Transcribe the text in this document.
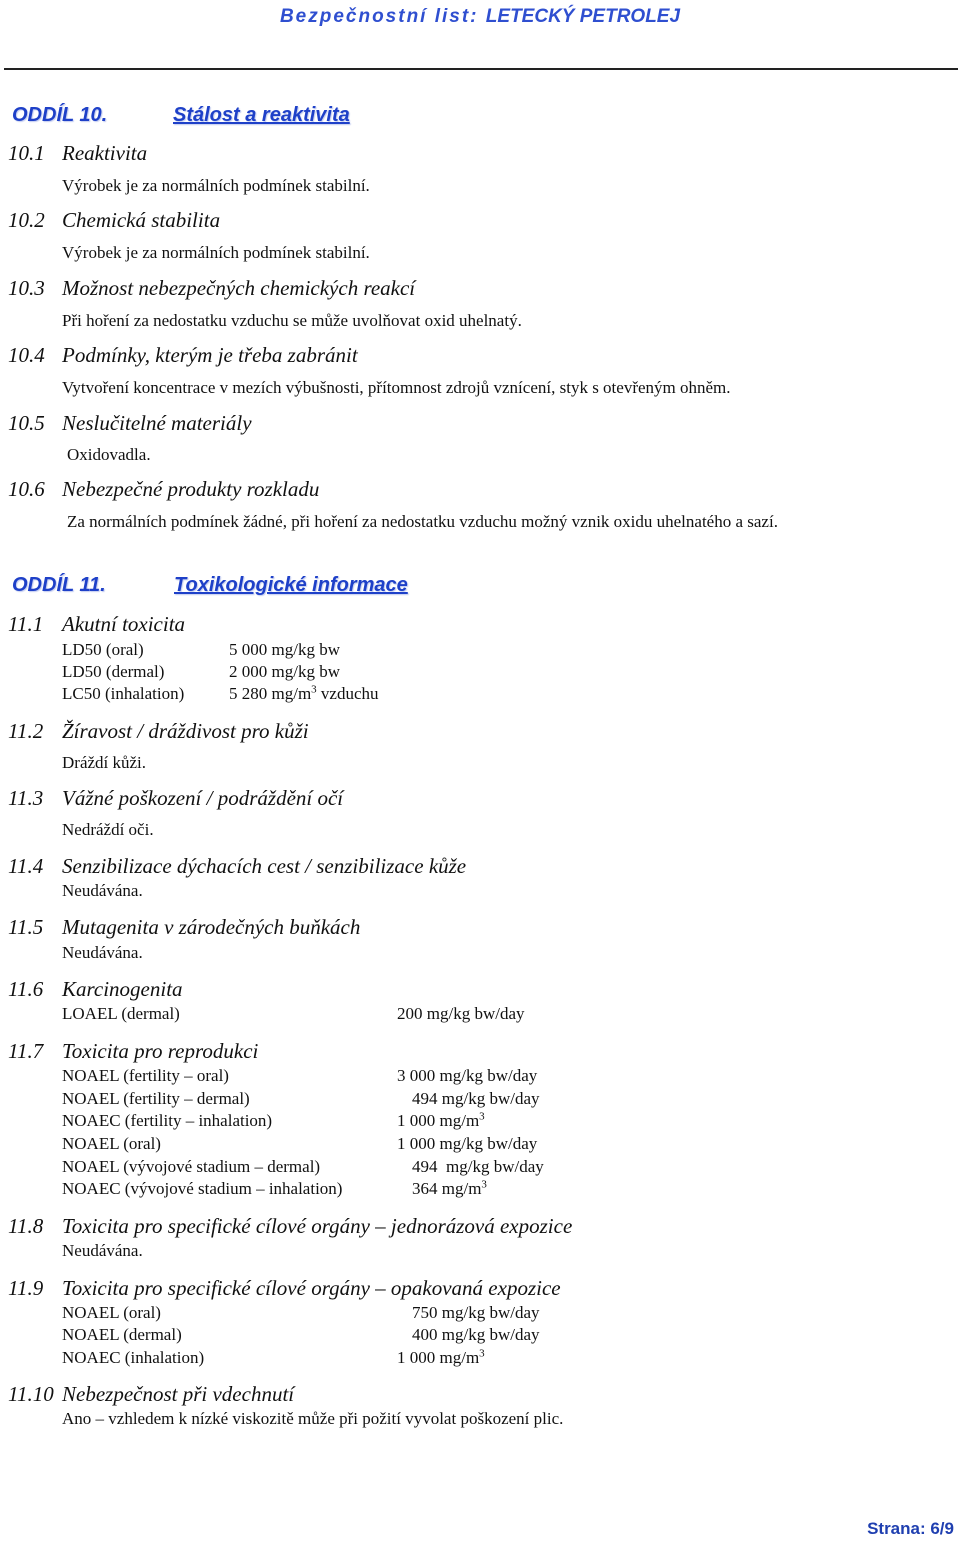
Bezpečnostní list: LETECKÝ PETROLEJ
ODDÍL 10.	Stálost a reaktivita
10.1 Reaktivita
Výrobek je za normálních podmínek stabilní.
10.2 Chemická stabilita
Výrobek je za normálních podmínek stabilní.
10.3 Možnost nebezpečných chemických reakcí
Při hoření za nedostatku vzduchu se může uvolňovat oxid uhelnatý.
10.4 Podmínky, kterým je třeba zabránit
Vytvoření koncentrace v mezích výbušnosti, přítomnost zdrojů vznícení, styk s otevřeným ohněm.
10.5 Neslučitelné materiály
Oxidovadla.
10.6 Nebezpečné produkty rozkladu
Za normálních podmínek žádné, při hoření za nedostatku vzduchu možný vznik oxidu uhelnatého a sazí.
ODDÍL 11.	Toxikologické informace
11.1 Akutní toxicita
LD50 (oral)	5 000 mg/kg bw
LD50 (dermal)	2 000 mg/kg bw
LC50 (inhalation)	5 280 $mg/m^3$ vzduchu
11.2 Žíravost / dráždivost pro kůži
Dráždí kůži.
11.3 Vážné poškození / podráždění očí
Nedráždí oči.
11.4 Senzibilizace dýchacích cest / senzibilizace kůže
Neudávána.
11.5 Mutagenita v zárodečných buňkách
Neudávána.
11.6 Karcinogenita
LOAEL (dermal)	200 mg/kg bw/day
11.7 Toxicita pro reprodukci
NOAEL (fertility – oral)	3 000 mg/kg bw/day
NOAEL (fertility – dermal)	494 mg/kg bw/day
NOAEC (fertility – inhalation)	1 000 $mg/m^3$
NOAEL (oral)	1 000 mg/kg bw/day
NOAEL (vývojové stadium – dermal)	494  mg/kg bw/day
NOAEC (vývojové stadium – inhalation)	364 $mg/m^3$
11.8 Toxicita pro specifické cílové orgány – jednorázová expozice
Neudávána.
11.9 Toxicita pro specifické cílové orgány – opakovaná expozice
NOAEL (oral)	750 mg/kg bw/day
NOAEL (dermal)	400 mg/kg bw/day
NOAEC (inhalation)	1 000 $mg/m^3$
11.10 Nebezpečnost při vdechnutí
Ano – vzhledem k nízké viskozitě může při požití vyvolat poškození plic.
Strana: 6/9
